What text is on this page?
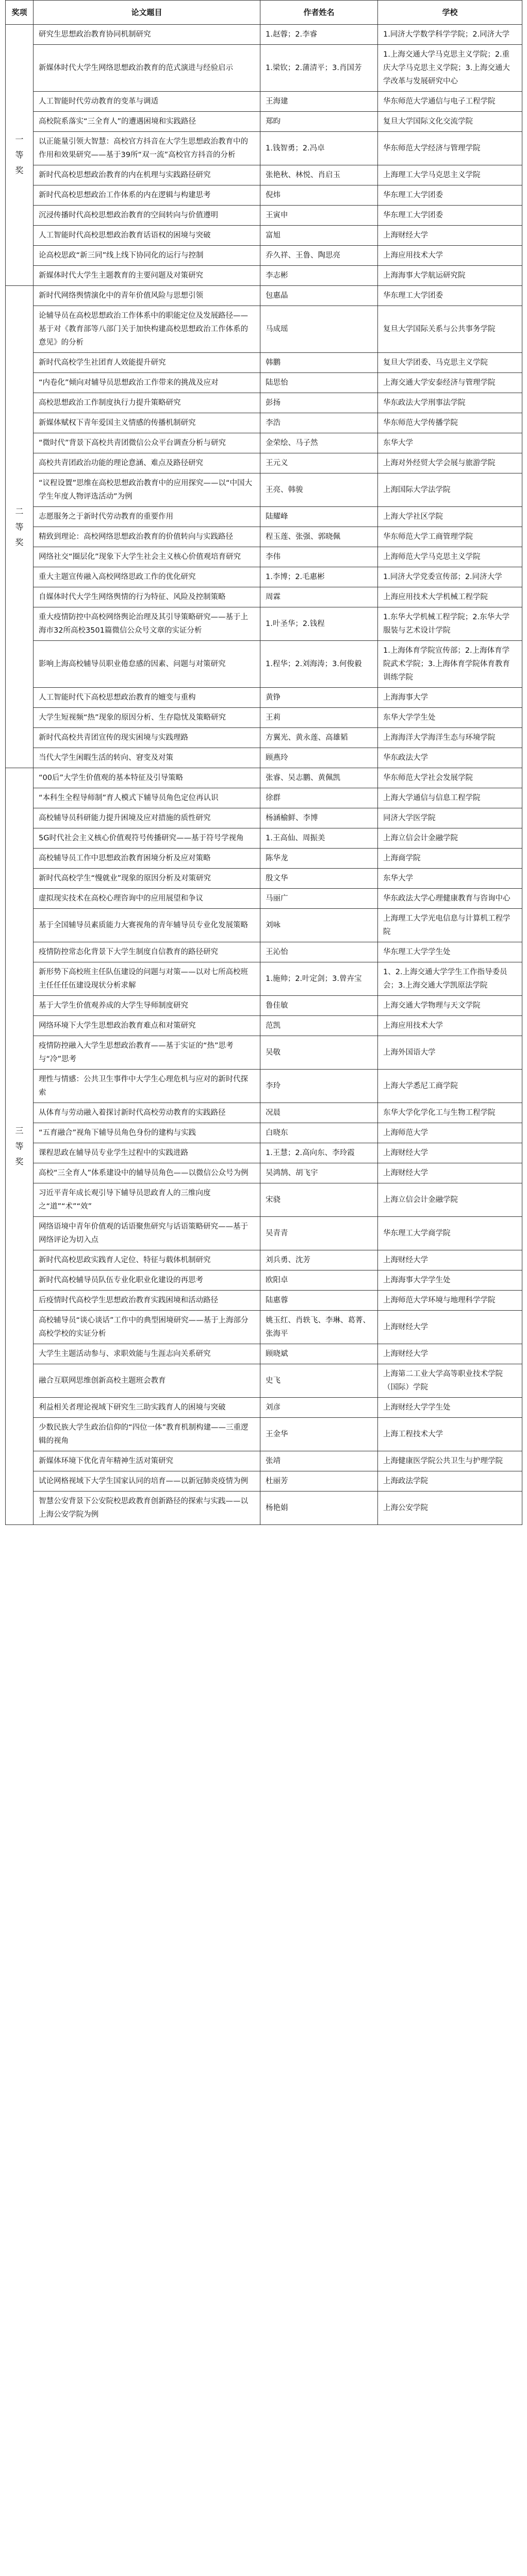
奖项	论文题目	作者姓名	学校
一等奖	研究生思想政治教育协同机制研究	1.赵蓉；2.李睿	1.同济大学数学科学学院；2.同济大学
	新媒体时代大学生网络思想政治教育的范式演进与经验启示	1.梁钦；2.蒲清平；3.肖国芳	1.上海交通大学马克思主义学院；2.重庆大学马克思主义学院；3.上海交通大学改革与发展研究中心
	人工智能时代劳动教育的变革与调适	王海建	华东师范大学通信与电子工程学院
	高校院系落实“三全育人”的遭遇困境和实践路径	郑昀	复旦大学国际文化交流学院
	以正能量引领大智慧：高校官方抖音在大学生思想政治教育中的作用和效果研究——基于39所“双一流”高校官方抖音的分析	1.钱智勇；2.冯卓	华东师范大学经济与管理学院
	新时代高校思想政治教育的内在机理与实践路径研究	张艳秋、林悦、肖启玉	上海理工大学马克思主义学院
	新时代高校思想政治工作体系的内在逻辑与构建思考	倪炜	华东理工大学团委
	沉浸传播时代高校思想政治教育的空间转向与价值遵明	王寅申	华东理工大学团委
	人工智能时代高校思想政治教育话语权的困境与突破	富旭	上海财经大学
	论高校思政“新三同”线上线下协同化的运行与控制	乔久祥、王鲁、陶思亮	上海应用技术大学
	新媒体时代大学生主题教育的主要问题及对策研究	李志彬	上海海事大学航运研究院
二等奖	新时代网络舆情演化中的青年价值风险与思想引领	包惠晶	华东理工大学团委
	论辅导员在高校思想政治工作体系中的职能定位及发展路径——基于对《教育部等八部门关于加快构建高校思想政治工作体系的意见》的分析	马成瑶	复旦大学国际关系与公共事务学院
	新时代高校学生社团育人效能提升研究	韩鹏	复旦大学团委、马克思主义学院
	“内卷化”倾向对辅导员思想政治工作带来的挑战及应对	陆思怡	上海交通大学安泰经济与管理学院
	高校思想政治工作制度执行力提升策略研究	彭扬	华东政法大学刑事法学院
	新媒体赋权下青年爱国主义情感的传播机制研究	李浩	华东师范大学传播学院
	“微时代”背景下高校共青团微信公众平台调查分析与研究	金荣绘、马子然	东华大学
	高校共青团政治功能的理论意涵、难点及路径研究	王元义	上海对外经贸大学会展与旅游学院
	“议程设置”思维在高校思想政治教育中的应用探究——以“中国大学生年度人物评选活动”为例	王亮、韩骏	上海国际大学法学院
	志愿服务之于新时代劳动教育的重要作用	陆耀峰	上海大学社区学院
	精致到理论：高校网络思想政治教育的价值转向与实践路径	程玉莲、张强、郭晓佩	华东师范大学工商管理学院
	网络社交“圈层化”现象下大学生社会主义核心价值观培育研究	李伟	上海师范大学马克思主义学院
	重大主题宣传融入高校网络思政工作的优化研究	1.李博；2.毛惠彬	1.同济大学党委宣传部；2.同济大学
	自媒体时代大学生网络舆情的行为特征、风险及控制策略	周霖	上海应用技术大学机械工程学院
	重大疫情防控中高校网络舆论治理及其引导策略研究——基于上海市32所高校3501篇微信公众号文章的实证分析	1.叶圣华；2.钱程	1.东华大学机械工程学院；2.东华大学服装与艺术设计学院
	影响上海高校辅导员职业倦怠感的因素、问题与对策研究	1.程华；2.刘海涛；3.何俊毅	1.上海体育学院宣传部；2.上海体育学院武术学院；3.上海体育学院体育教育训练学院
	人工智能时代下高校思想政治教育的嬗变与重构	黄铮	上海海事大学
	大学生短视频“热”现象的原因分析、生存隐忧及策略研究	王莉	东华大学学生处
	新时代高校共青团宣传的现实困境与实践理路	方翼光、黄永莲、高雄韬	上海海洋大学海洋生态与环境学院
	当代大学生闲暇生活的转向、窘变及对策	顾燕玲	华东政法大学
三等奖	“00后”大学生价值观的基本特征及引导策略	张睿、吴志鹏、黄佩凯	华东师范大学社会发展学院
	“本科生全程导师制”育人模式下辅导员角色定位再认识	徐群	上海大学通信与信息工程学院
	高校辅导员科研能力提升困境及应对措施的质性研究	杨涵榆鲜、李博	同济大学医学院
	5G时代社会主义核心价值观符号传播研究——基于符号学视角	1.王高仙、周振美	上海立信会计金融学院
	高校辅导员工作中思想政治教育困境分析及应对策略	陈华龙	上海商学院
	新时代高校学生“慢就业”现象的原因分析及对策研究	殷文华	东华大学
	虚拟现实技术在高校心理咨询中的应用展望和争议	马丽广	华东政法大学心理健康教育与咨询中心
	基于全国辅导员素质能力大赛视角的青年辅导员专业化发展策略	刘咏	上海理工大学光电信息与计算机工程学院
	疫情防控常态化背景下大学生制度自信教育的路径研究	王沁怡	华东理工大学学生处
	新形势下高校班主任队伍建设的问题与对策——以对七所高校班主任任任伍建设现状分析求解	1.施帅；2.叶定剑；3.曾卉宝	1、2.上海交通大学学生工作指导委员会；3.上海交通大学凯原法学院
	基于大学生价值观养成的大学生导师制度研究	鲁佳敏	上海交通大学物理与天文学院
	网络环境下大学生思想政治教育难点和对策研究	范凯	上海应用技术大学
	疫情防控融入大学生思想政治教育——基于实证的“热”思考与“冷”思考	吴敬	上海外国语大学
	理性与情感：公共卫生事件中大学生心理危机与应对的新时代探索	李玲	上海大学悉尼工商学院
	从体育与劳动融入着探讨新时代高校劳动教育的实践路径	况晨	东华大学化学化工与生物工程学院
	“五育融合”视角下辅导员角色身份的建构与实践	白晓东	上海师范大学
	课程思政在辅导员专业学生过程中的实践进路	1.王慧；2.高向东、李玲霞	上海财经大学
	高校“三全育人”体系建设中的辅导员角色——以微信公众号为例	吴鸿鹄、胡飞宇	上海财经大学
	习近平青年成长观引导下辅导员思政育人的三维向度之“道”“术”“效”	宋骁	上海立信会计金融学院
	网络语境中青年价值观的话语聚焦研究与话语策略研究——基于网络评论为切入点	吴青青	华东理工大学商学院
	新时代高校思政实践育人定位、特征与载体机制研究	刘兵勇、沈芳	上海财经大学
	新时代高校辅导员队伍专业化职业化建设的再思考	欧阳卓	上海海事大学学生处
	后疫情时代高校学生思想政治教育实践困境和活动路径	陆惠蓉	上海师范大学环境与地理科学学院
	高校辅导员“谈心谈话”工作中的典型困境研究——基于上海部分高校学校的实证分析	姚玉红、肖轶飞、李琳、葛菁、张海平	上海财经大学
	大学生主题活动参与、求职效能与生涯志向关系研究	顾晓斌	上海财经大学
	融合互联网思维创新高校主题班会教育	史飞	上海第二工业大学高等职业技术学院（国际）学院
	利益相关者理论视域下研究生三助实践育人的困境与突破	刘彦	上海财经大学学生处
	少数民族大学生政治信仰的“四位一体”教育机制构建——三重逻辑的视角	王金华	上海工程技术大学
	新媒体环境下优化青年精神生活对策研究	张靖	上海健康医学院公共卫生与护理学院
	试论网格视域下大学生国家认同的培育——以新冠肺炎疫情为例	杜丽芳	上海政法学院
	智慧公安背景下公安院校思政教育创新路径的探索与实践——以上海公安学院为例	杨艳娟	上海公安学院
